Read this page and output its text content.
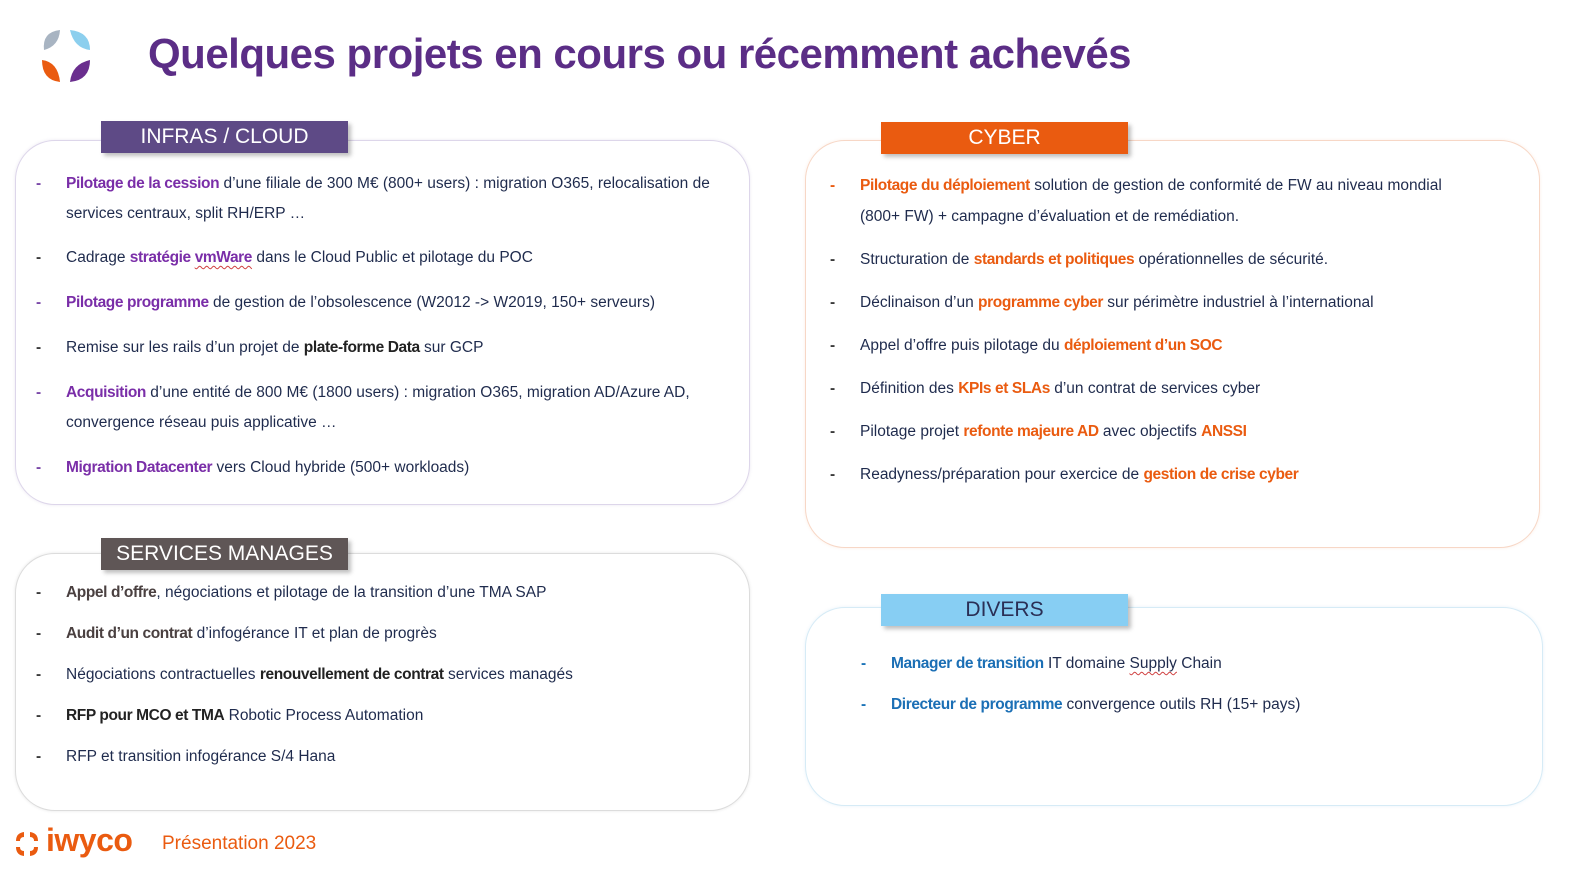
Quelques projets en cours ou récemment achevés
INFRAS / CLOUD
SERVICES MANAGES
CYBER
DIVERS
- Pilotage de la cession d’une filiale de 300 M€ (800+ users) : migration O365, relocalisation de
services centraux, split RH/ERP …
- Cadrage stratégie vmWare dans le Cloud Public et pilotage du POC
- Pilotage programme de gestion de l’obsolescence (W2012 -> W2019, 150+ serveurs)
- Remise sur les rails d’un projet de plate-forme Data sur GCP
- Acquisition d’une entité de 800 M€ (1800 users) : migration O365, migration AD/Azure AD,
convergence réseau puis applicative …
- Migration Datacenter vers Cloud hybride (500+ workloads)
- Appel d’offre, négociations et pilotage de la transition d’une TMA SAP
- Audit d’un contrat d’infogérance IT et plan de progrès
- Négociations contractuelles renouvellement de contrat services managés
- RFP pour MCO et TMA Robotic Process Automation
- RFP et transition infogérance S/4 Hana
- Pilotage du déploiement solution de gestion de conformité de FW au niveau mondial
(800+ FW) + campagne d’évaluation et de remédiation.
- Structuration de standards et politiques opérationnelles de sécurité.
- Déclinaison d’un programme cyber sur périmètre industriel à l’international
- Appel d’offre puis pilotage du déploiement d’un SOC
- Définition des KPIs et SLAs d’un contrat de services cyber
- Pilotage projet refonte majeure AD avec objectifs ANSSI
- Readyness/préparation pour exercice de gestion de crise cyber
- Manager de transition IT domaine Supply Chain
- Directeur de programme convergence outils RH (15+ pays)
iwyco Présentation 2023
